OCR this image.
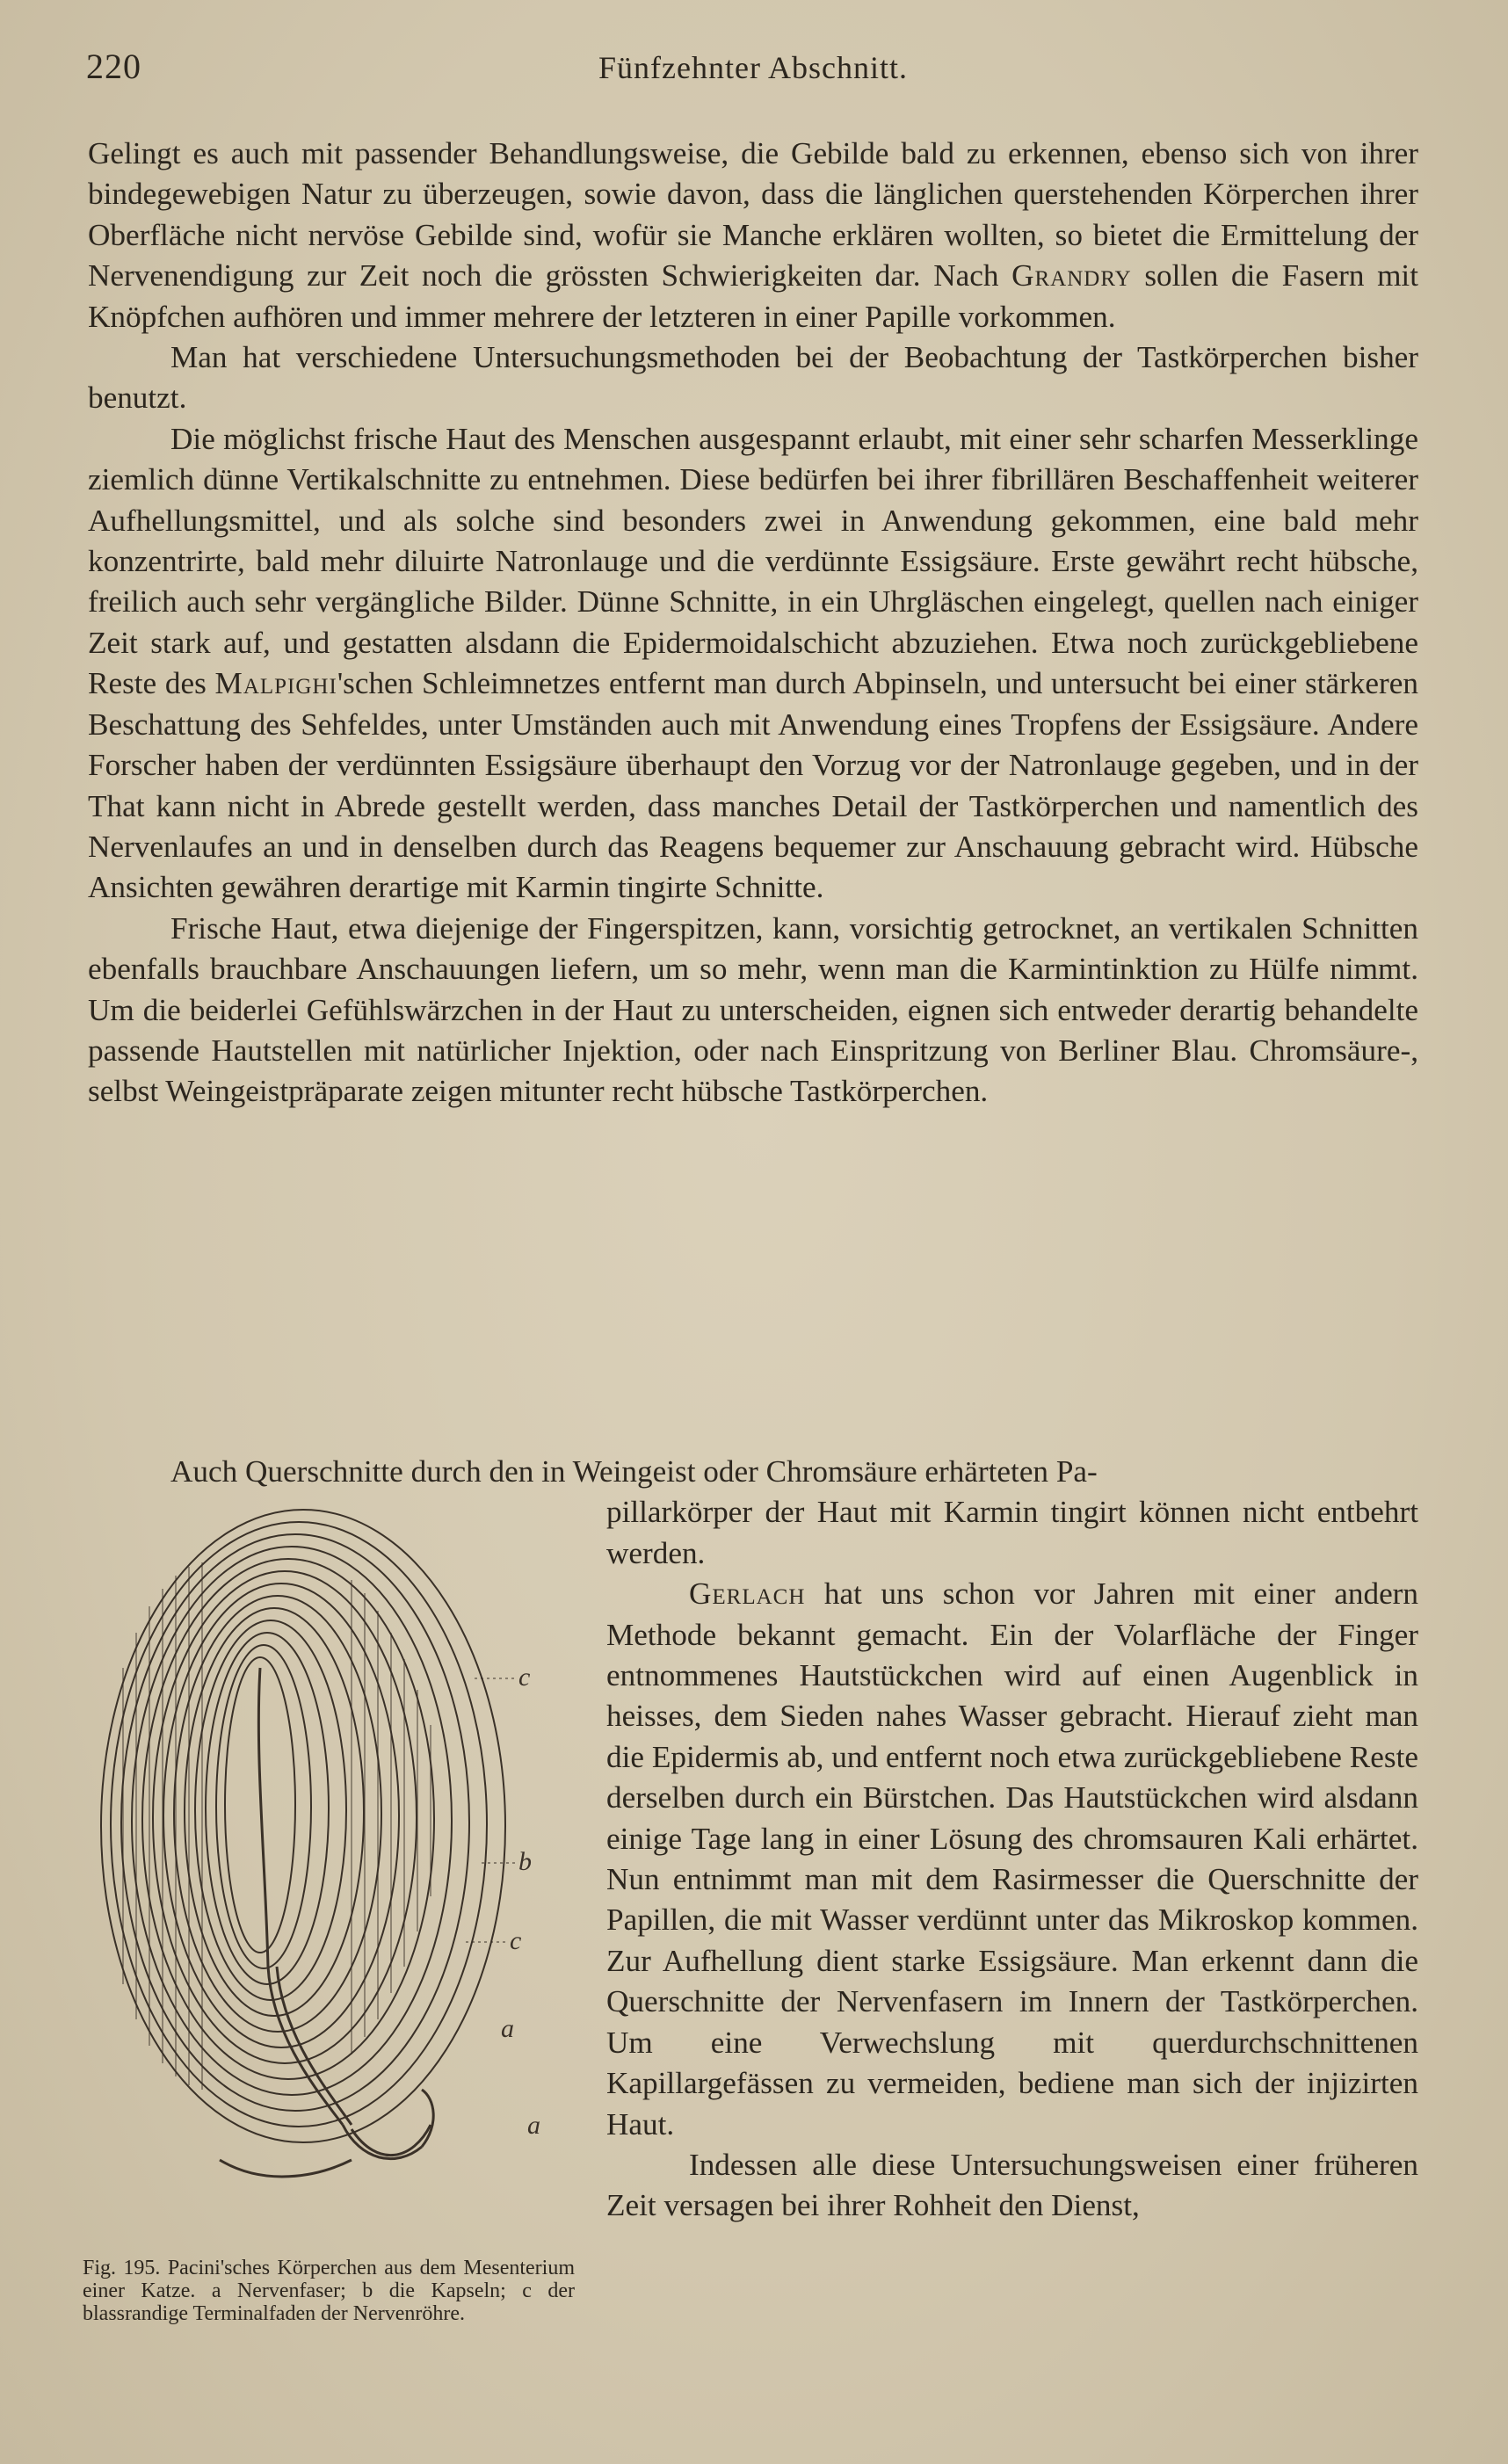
220	Fünfzehnter Abschnitt.

Gelingt es auch mit passender Behandlungsweise, die Gebilde bald zu erkennen, ebenso sich von ihrer bindegewebigen Natur zu überzeugen, sowie davon, dass die länglichen querstehenden Körperchen ihrer Oberfläche nicht nervöse Gebilde sind, wofür sie Manche erklären wollten, so bietet die Ermittelung der Nervenendigung zur Zeit noch die grössten Schwierigkeiten dar. Nach Grandry sollen die Fasern mit Knöpfchen aufhören und immer mehrere der letzteren in einer Papille vorkommen.

Man hat verschiedene Untersuchungsmethoden bei der Beobachtung der Tastkörperchen bisher benutzt.

Die möglichst frische Haut des Menschen ausgespannt erlaubt, mit einer sehr scharfen Messerklinge ziemlich dünne Vertikalschnitte zu entnehmen. Diese bedürfen bei ihrer fibrillären Beschaffenheit weiterer Aufhellungsmittel, und als solche sind besonders zwei in Anwendung gekommen, eine bald mehr konzentrirte, bald mehr diluirte Natronlauge und die verdünnte Essigsäure. Erste gewährt recht hübsche, freilich auch sehr vergängliche Bilder. Dünne Schnitte, in ein Uhrgläschen eingelegt, quellen nach einiger Zeit stark auf, und gestatten alsdann die Epidermoidalschicht abzuziehen. Etwa noch zurückgebliebene Reste des Malpighi'schen Schleimnetzes entfernt man durch Abpinseln, und untersucht bei einer stärkeren Beschattung des Sehfeldes, unter Umständen auch mit Anwendung eines Tropfens der Essigsäure. Andere Forscher haben der verdünnten Essigsäure überhaupt den Vorzug vor der Natronlauge gegeben, und in der That kann nicht in Abrede gestellt werden, dass manches Detail der Tastkörperchen und namentlich des Nervenlaufes an und in denselben durch das Reagens bequemer zur Anschauung gebracht wird. Hübsche Ansichten gewähren derartige mit Karmin tingirte Schnitte.

Frische Haut, etwa diejenige der Fingerspitzen, kann, vorsichtig getrocknet, an vertikalen Schnitten ebenfalls brauchbare Anschauungen liefern, um so mehr, wenn man die Karmintinktion zu Hülfe nimmt. Um die beiderlei Gefühlswärzchen in der Haut zu unterscheiden, eignen sich entweder derartig behandelte passende Hautstellen mit natürlicher Injektion, oder nach Einspritzung von Berliner Blau. Chromsäure-, selbst Weingeistpräparate zeigen mitunter recht hübsche Tastkörperchen.

Auch Querschnitte durch den in Weingeist oder Chromsäure erhärteten Pa-

c
b
c
a
a

pillarkörper der Haut mit Karmin tingirt können nicht entbehrt werden.

Gerlach hat uns schon vor Jahren mit einer andern Methode bekannt gemacht. Ein der Volarfläche der Finger entnommenes Hautstückchen wird auf einen Augenblick in heisses, dem Sieden nahes Wasser gebracht. Hierauf zieht man die Epidermis ab, und entfernt noch etwa zurückgebliebene Reste derselben durch ein Bürstchen. Das Hautstückchen wird alsdann einige Tage lang in einer Lösung des chromsauren Kali erhärtet. Nun entnimmt man mit dem Rasirmesser die Querschnitte der Papillen, die mit Wasser verdünnt unter das Mikroskop kommen. Zur Aufhellung dient starke Essigsäure. Man erkennt dann die Querschnitte der Nervenfasern im Innern der Tastkörperchen. Um eine Verwechslung mit querdurchschnittenen Kapillargefässen zu vermeiden, bediene man sich der injizirten Haut.

Indessen alle diese Untersuchungsweisen einer früheren Zeit versagen bei ihrer Rohheit den Dienst,

Fig. 195. Pacini'sches Körperchen aus dem Mesenterium einer Katze. a Nervenfaser; b die Kapseln; c der blassrandige Terminalfaden der Nervenröhre.
